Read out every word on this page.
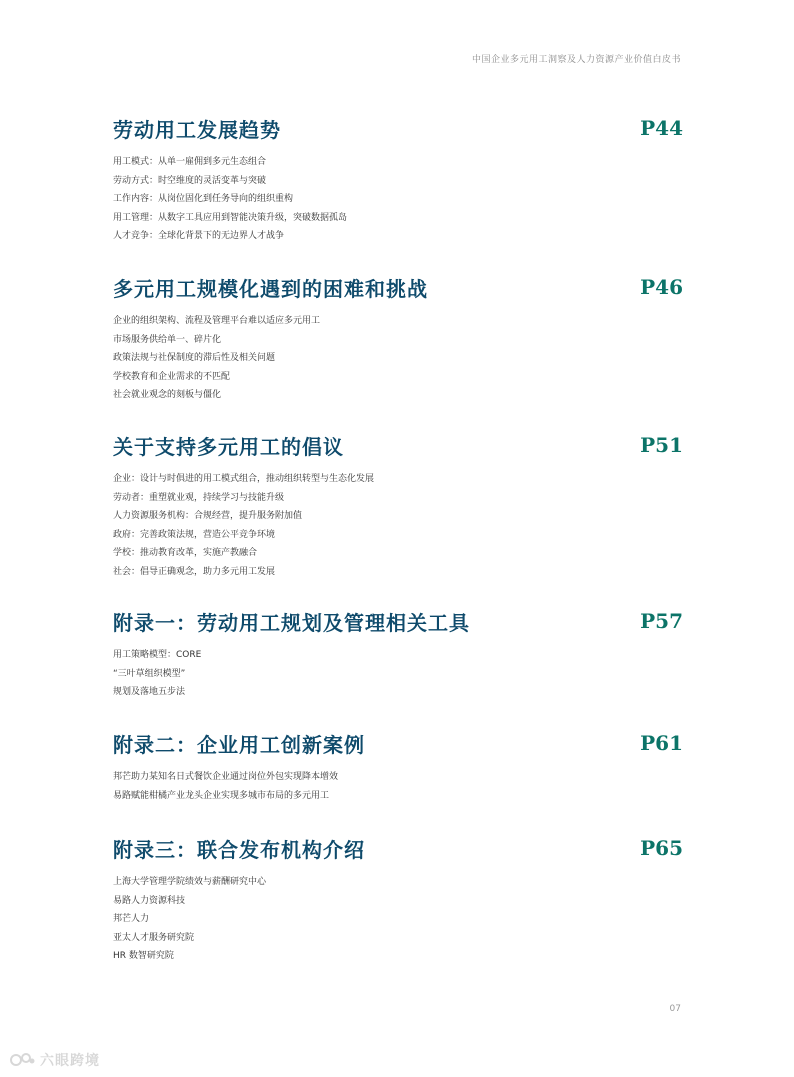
中国企业多元用工洞察及人力资源产业价值白皮书
劳动用工发展趋势	P44
用工模式：从单一雇佣到多元生态组合
劳动方式：时空维度的灵活变革与突破
工作内容：从岗位固化到任务导向的组织重构
用工管理：从数字工具应用到智能决策升级，突破数据孤岛
人才竞争：全球化背景下的无边界人才战争
多元用工规模化遇到的困难和挑战	P46
企业的组织架构、流程及管理平台难以适应多元用工
市场服务供给单一、碎片化
政策法规与社保制度的滞后性及相关问题
学校教育和企业需求的不匹配
社会就业观念的刻板与僵化
关于支持多元用工的倡议	P51
企业：设计与时俱进的用工模式组合，推动组织转型与生态化发展
劳动者：重塑就业观，持续学习与技能升级
人力资源服务机构：合规经营，提升服务附加值
政府：完善政策法规，营造公平竞争环境
学校：推动教育改革，实施产教融合
社会：倡导正确观念，助力多元用工发展
附录一：劳动用工规划及管理相关工具	P57
用工策略模型：CORE
“三叶草组织模型”
规划及落地五步法
附录二：企业用工创新案例	P61
邦芒助力某知名日式餐饮企业通过岗位外包实现降本增效
易路赋能柑橘产业龙头企业实现多城市布局的多元用工
附录三：联合发布机构介绍	P65
上海大学管理学院绩效与薪酬研究中心
易路人力资源科技
邦芒人力
亚太人才服务研究院
HR 数智研究院
07
六眼跨境
